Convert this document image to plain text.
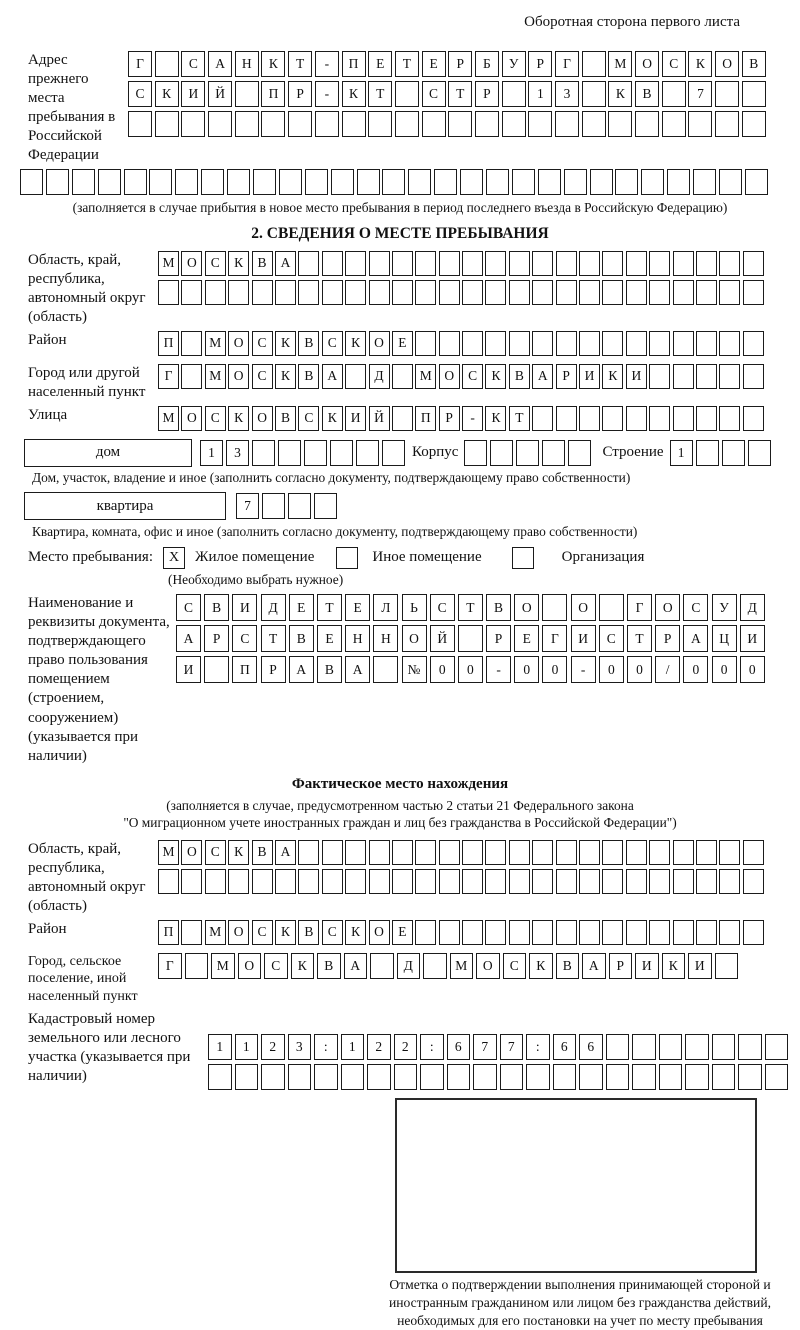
Оборотная сторона первого листа
Адрес прежнего места пребывания в Российской Федерации
Г	С	А	Н	К	Т	-	П	Е	Т	Е	Р	Б	У	Р	Г	М	О	С	К	О	В
С	К	И	Й	П	Р	-	К	Т	С	Т	Р	1	3	К	В	7
(заполняется в случае прибытия в новое место пребывания в период последнего въезда в Российскую Федерацию)
2. СВЕДЕНИЯ О МЕСТЕ ПРЕБЫВАНИЯ
Область, край, республика, автономный округ (область)
М О	С	К	В	А
Район	П	М О	С	К	В	С	К	О	Е
Город или другой населенный пункт
Г	М О	С	К	В	А	Д	М О	С	К	В	А	Р	И	К	И
Улица	М О	С	К	О	В	С	К	И	Й	П	Р	-	К	Т
дом	1	3	Корпус	Строение	1
Дом, участок, владение и иное (заполнить согласно документу, подтверждающему право собственности)
квартира	7
Квартира, комната, офис и иное (заполнить согласно документу, подтверждающему право собственности)
Место пребывания:	X	Жилое помещение	Иное помещение	Организация
(Необходимо выбрать нужное)
Наименование и реквизиты документа, подтверждающего право пользования помещением (строением, сооружением) (указывается при наличии)
С	В	И	Д	Е	Т	Е	Л	Ь	С	Т	В	О	О	Г	О	С	У	Д
А	Р	С	Т	В	Е	Н	Н	О	Й	Р	Е	Г	И	С	Т	Р	А	Ц	И
И	П	Р	А	В	А	№	0	0	-	0	0	-	0	0	/	0	0	0
Фактическое место нахождения
(заполняется в случае, предусмотренном частью 2 статьи 21 Федерального закона
"О миграционном учете иностранных граждан и лиц без гражданства в Российской Федерации")
Область, край, республика, автономный округ (область)
М О	С	К	В	А
Район	П	М О	С	К	В	С	К	О	Е
Город, сельское поселение, иной населенный пункт
Г	М	О	С	К	В	А	Д	М	О	С	К	В	А	Р	И	К	И
Кадастровый номер земельного или лесного участка (указывается при наличии)
1	1	2	3	:	1	2	2	:	6	7	7	:	6	6
Отметка о подтверждении выполнения принимающей стороной и иностранным гражданином или лицом без гражданства действий, необходимых для его постановки на учет по месту пребывания
